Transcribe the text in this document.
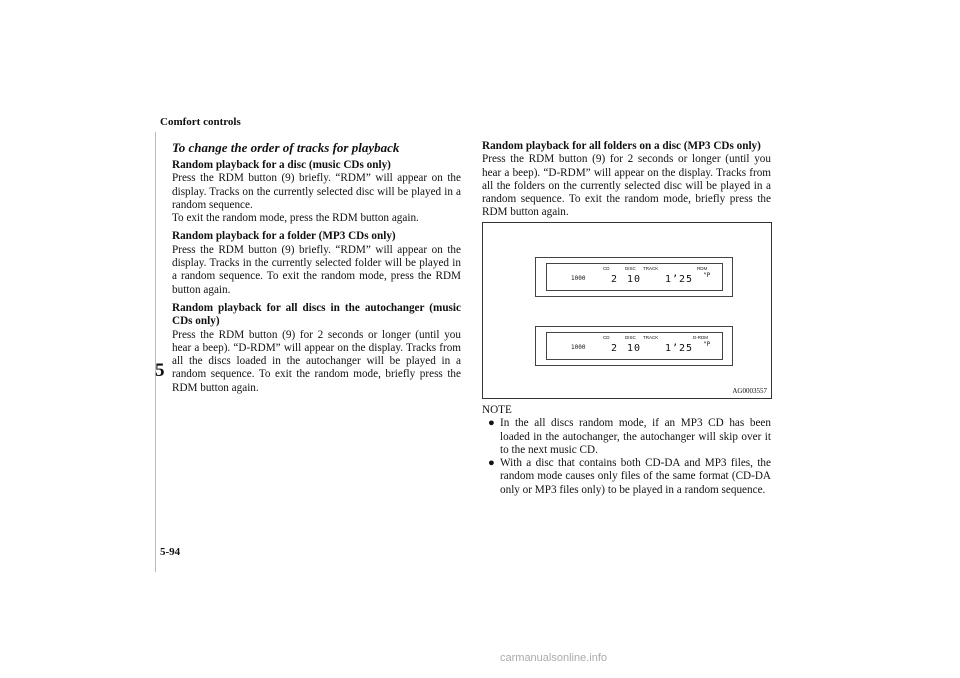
Comfort controls
5
5-94
To change the order of tracks for playback

Random playback for a disc (music CDs only)
Press the RDM button (9) briefly. “RDM” will appear on the display. Tracks on the currently selected disc will be played in a random sequence.
To exit the random mode, press the RDM button again.

Random playback for a folder (MP3 CDs only)
Press the RDM button (9) briefly. “RDM” will appear on the display. Tracks in the currently selected folder will be played in a random sequence. To exit the random mode, press the RDM button again.

Random playback for all discs in the autochanger (music CDs only)
Press the RDM button (9) for 2 seconds or longer (until you hear a beep). “D-RDM” will appear on the display. Tracks from all the discs loaded in the autochanger will be played in a random sequence. To exit the random mode, briefly press the RDM button again.

Random playback for all folders on a disc (MP3 CDs only)
Press the RDM button (9) for 2 seconds or longer (until you hear a beep). “D-RDM” will appear on the display. Tracks from all the folders on the currently selected disc will be played in a random sequence. To exit the random mode, briefly press the RDM button again.

1000
CD	DISC TRACK	RDM
2 10 1’25 "P
1000
CD	DISC TRACK	D-RDM
2 10 1’25 "P
AG0003557
NOTE
● In the all discs random mode, if an MP3 CD has been loaded in the autochanger, the autochanger will skip over it to the next music CD.
● With a disc that contains both CD-DA and MP3 files, the random mode causes only files of the same format (CD-DA only or MP3 files only) to be played in a random sequence.
carmanualsonline.info
